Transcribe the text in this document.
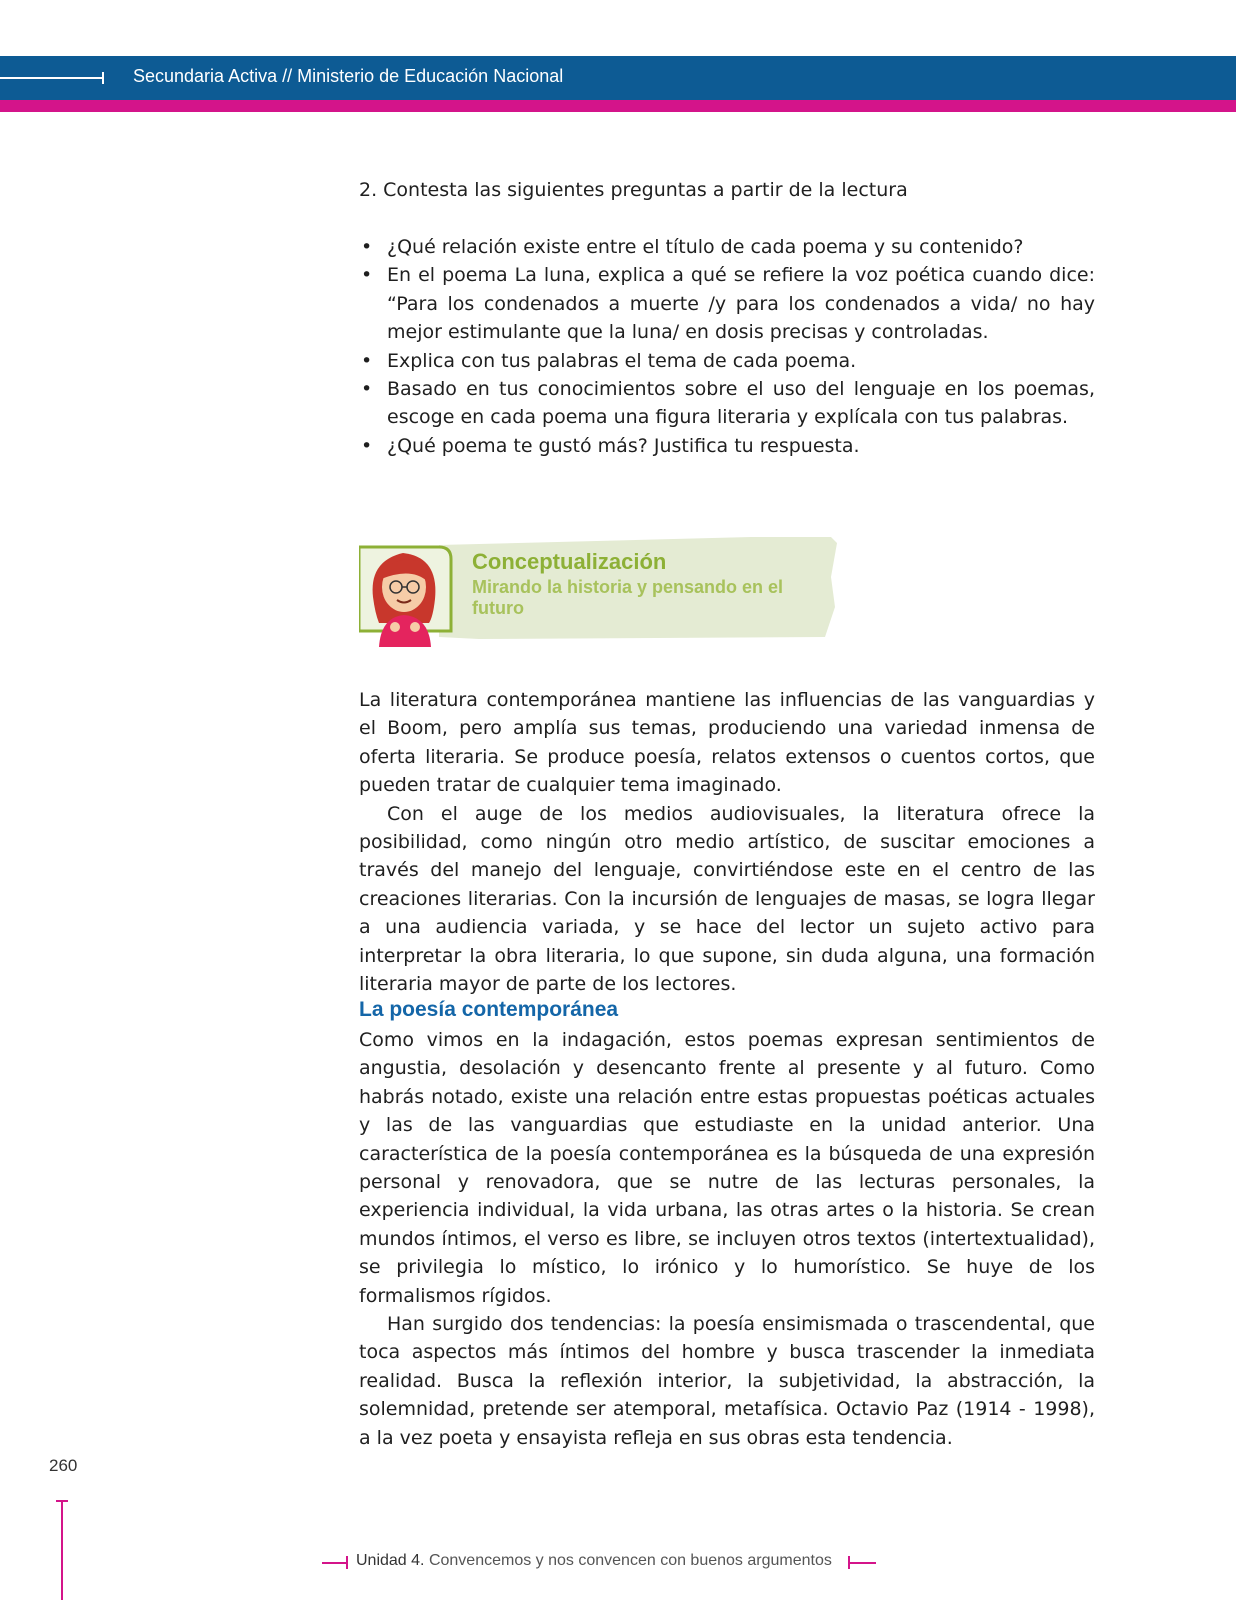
Secundaria Activa // Ministerio de Educación Nacional
2. Contesta las siguientes preguntas a partir de la lectura
• ¿Qué relación existe entre el título de cada poema y su contenido?
• En el poema La luna, explica a qué se refiere la voz poética cuando dice: “Para los condenados a muerte /y para los condenados a vida/ no hay mejor estimulante que la luna/ en dosis precisas y controladas.
• Explica con tus palabras el tema de cada poema.
• Basado en tus conocimientos sobre el uso del lenguaje en los poemas, escoge en cada poema una figura literaria y explícala con tus palabras.
• ¿Qué poema te gustó más? Justifica tu respuesta.
Conceptualización
Mirando la historia y pensando en el futuro
La literatura contemporánea mantiene las influencias de las vanguardias y el Boom, pero amplía sus temas, produciendo una variedad inmensa de oferta literaria. Se produce poesía, relatos extensos o cuentos cortos, que pueden tratar de cualquier tema imaginado.
Con el auge de los medios audiovisuales, la literatura ofrece la posibilidad, como ningún otro medio artístico, de suscitar emociones a través del manejo del lenguaje, convirtiéndose este en el centro de las creaciones literarias. Con la incursión de lenguajes de masas, se logra llegar a una audiencia variada, y se hace del lector un sujeto activo para interpretar la obra literaria, lo que supone, sin duda alguna, una formación literaria mayor de parte de los lectores.
La poesía contemporánea
Como vimos en la indagación, estos poemas expresan sentimientos de angustia, desolación y desencanto frente al presente y al futuro. Como habrás notado, existe una relación entre estas propuestas poéticas actuales y las de las vanguardias que estudiaste en la unidad anterior. Una característica de la poesía contemporánea es la búsqueda de una expresión personal y renovadora, que se nutre de las lecturas personales, la experiencia individual, la vida urbana, las otras artes o la historia. Se crean mundos íntimos, el verso es libre, se incluyen otros textos (intertextualidad), se privilegia lo místico, lo irónico y lo humorístico. Se huye de los formalismos rígidos.
Han surgido dos tendencias: la poesía ensimismada o trascendental, que toca aspectos más íntimos del hombre y busca trascender la inmediata realidad. Busca la reflexión interior, la subjetividad, la abstracción, la solemnidad, pretende ser atemporal, metafísica. Octavio Paz (1914 - 1998), a la vez poeta y ensayista refleja en sus obras esta tendencia.
260
Unidad 4. Convencemos y nos convencen con buenos argumentos
